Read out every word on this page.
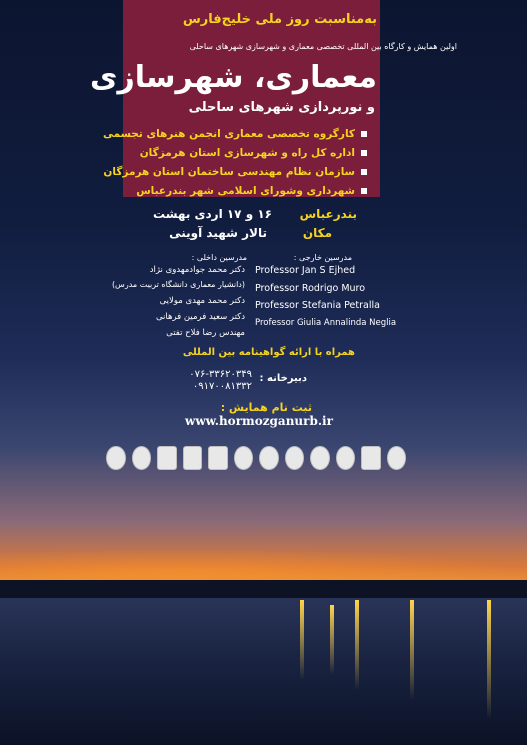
به‌مناسبت روز ملی خلیج‌فارس
اولین همایش و کارگاه بین المللی تخصصی معماری و شهرسازی شهرهای ساحلی
معماری، شهرسازی
و نورپردازی شهرهای ساحلی
کارگروه تخصصی معماری انجمن هنرهای تجسمی
اداره کل راه و شهرسازی استان هرمزگان
سازمان نظام مهندسی ساختمان استان هرمزگان
شهرداری وشورای اسلامی شهر بندرعباس
بندرعباس
۱۶ و ۱۷ اردی بهشت
مکان
تالار شهید آوینی
مدرسین خارجی :
مدرسین داخلی :
Professor Jan S Ejhed
Professor Rodrigo Muro
Professor Stefania Petralla
Professor Giulia Annalinda Neglia
دکتر محمد جوادمهدوی نژاد
(دانشیار معماری دانشگاه تربیت مدرس)
دکتر محمد مهدی مولایی
دکتر سعید فرمین فرهانی
مهندس رضا فلاح تفتی
همراه با ارائه گواهینامه بین المللی
دبیرخانه :
۰۷۶-۳۳۶۲۰۳۴۹
۰۹۱۷۰۰۸۱۳۳۲
ثبت نام همایش :
www.hormozganurb.ir
